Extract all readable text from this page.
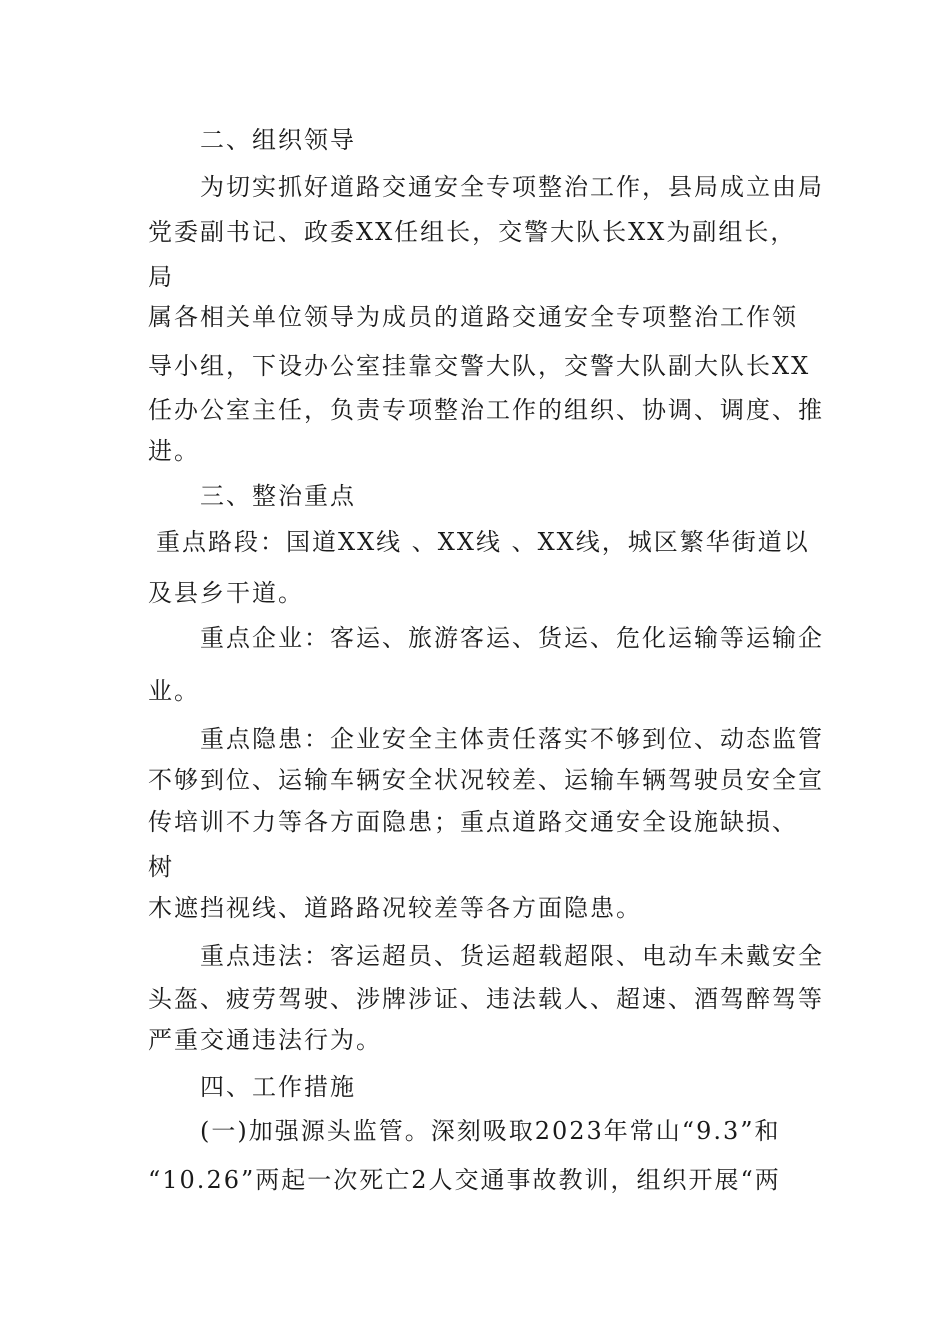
二、组织领导
为切实抓好道路交通安全专项整治工作，县局成立由局
党委副书记、政委XX任组长，交警大队长XX为副组长，
局
属各相关单位领导为成员的道路交通安全专项整治工作领
导小组，下设办公室挂靠交警大队，交警大队副大队长XX
任办公室主任，负责专项整治工作的组织、协调、调度、推
进。
三、整治重点
重点路段：国道XX线 、XX线 、XX线，城区繁华街道以
及县乡干道。
重点企业：客运、旅游客运、货运、危化运输等运输企
业。
重点隐患：企业安全主体责任落实不够到位、动态监管
不够到位、运输车辆安全状况较差、运输车辆驾驶员安全宣
传培训不力等各方面隐患；重点道路交通安全设施缺损、
树
木遮挡视线、道路路况较差等各方面隐患。
重点违法：客运超员、货运超载超限、电动车未戴安全
头盔、疲劳驾驶、涉牌涉证、违法载人、超速、酒驾醉驾等
严重交通违法行为。
四、工作措施
(一)加强源头监管。深刻吸取2023年常山“9.3”和
“10.26”两起一次死亡2人交通事故教训，组织开展“两
